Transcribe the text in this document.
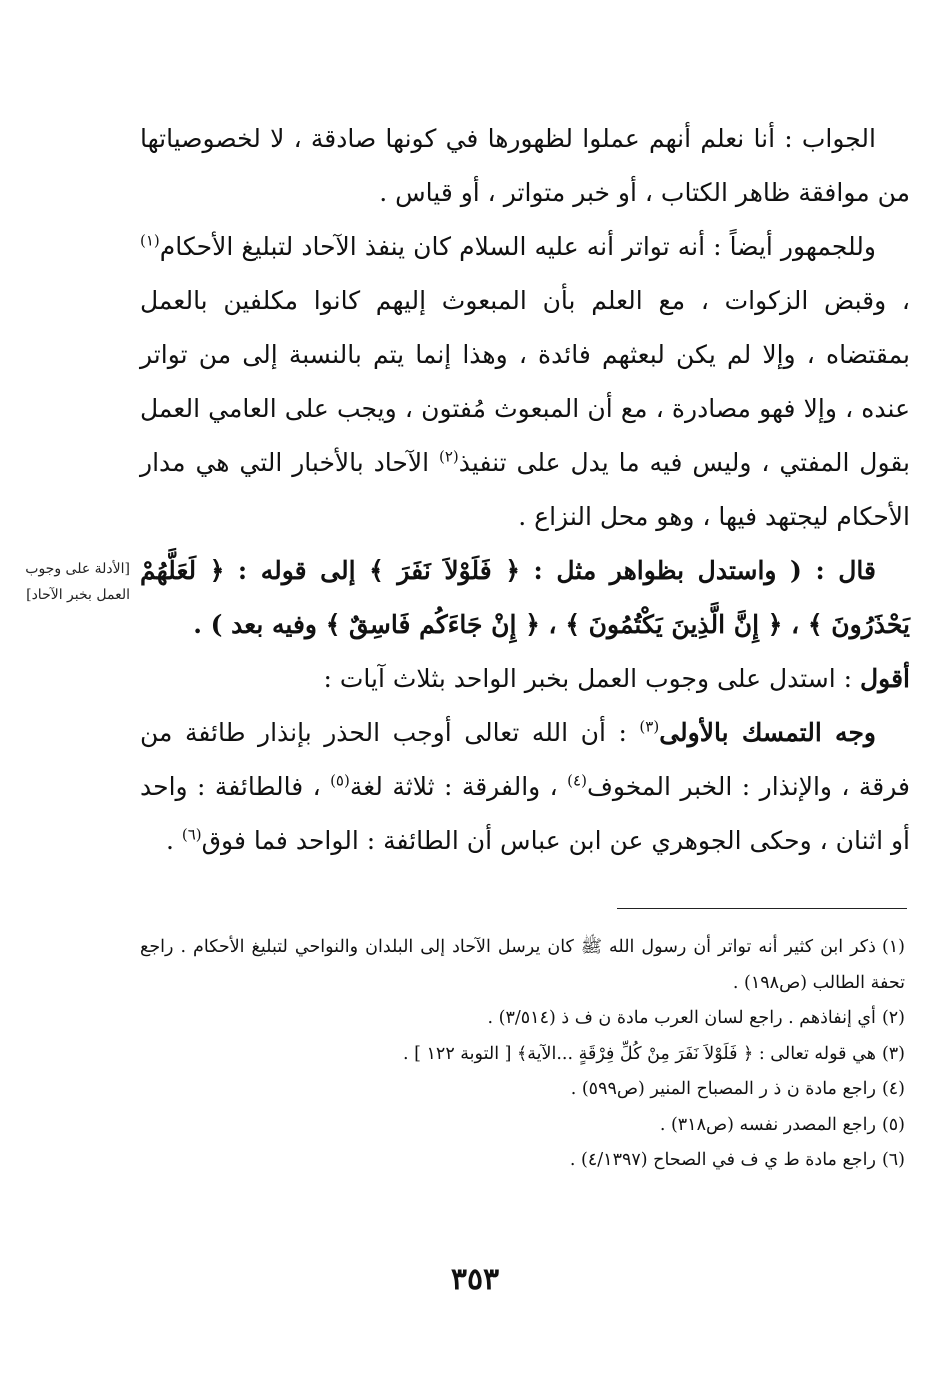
الجواب : أنا نعلم أنهم عملوا لظهورها في كونها صادقة ، لا لخصوصياتها من موافقة ظاهر الكتاب ، أو خبر متواتر ، أو قياس .

وللجمهور أيضاً : أنه تواتر أنه عليه السلام كان ينفذ الآحاد لتبليغ الأحكام$^{(١)}$ ، وقبض الزكوات ، مع العلم بأن المبعوث إليهم كانوا مكلفين بالعمل بمقتضاه ، وإلا لم يكن لبعثهم فائدة ، وهذا إنما يتم بالنسبة إلى من تواتر عنده ، وإلا فهو مصادرة ، مع أن المبعوث مُفتون ، ويجب على العامي العمل بقول المفتي ، وليس فيه ما يدل على تنفيذ$^{(٢)}$ الآحاد بالأخبار التي هي مدار الأحكام ليجتهد فيها ، وهو محل النزاع .

قال : ( واستدل بظواهر مثل : ﴿ فَلَوْلاَ نَفَرَ ﴾ إلى قوله : ﴿ لَعَلَّهُمْ يَحْذَرُونَ ﴾ ، ﴿ إِنَّ الَّذِينَ يَكْتُمُونَ ﴾ ، ﴿ إِنْ جَاءَكُم فَاسِقٌ ﴾ وفيه بعد ) .

أقول : استدل على وجوب العمل بخبر الواحد بثلاث آيات :

وجه التمسك بالأولى$^{(٣)}$ : أن الله تعالى أوجب الحذر بإنذار طائفة من فرقة ، والإنذار : الخبر المخوف$^{(٤)}$ ، والفرقة : ثلاثة لغة$^{(٥)}$ ، فالطائفة : واحد أو اثنان ، وحكى الجوهري عن ابن عباس أن الطائفة : الواحد فما فوق$^{(٦)}$ .

[الأدلة على وجوب العمل بخبر الآحاد]

(١)ذكر ابن كثير أنه تواتر أن رسول الله ﷺ كان يرسل الآحاد إلى البلدان والنواحي لتبليغ الأحكام . راجع تحفة الطالب (ص١٩٨) .

(٢)أي إنفاذهم . راجع لسان العرب مادة ن ف ذ (٣/٥١٤) .

(٣)هي قوله تعالى : ﴿ فَلَوْلاَ نَفَرَ مِنْ كُلِّ فِرْقَةٍ ...الآية﴾ [ التوبة ١٢٢ ] .

(٤)راجع مادة ن ذ ر المصباح المنير (ص٥٩٩) .

(٥)راجع المصدر نفسه (ص٣١٨) .

(٦)راجع مادة ط ي ف في الصحاح (٤/١٣٩٧) .

٣٥٣
